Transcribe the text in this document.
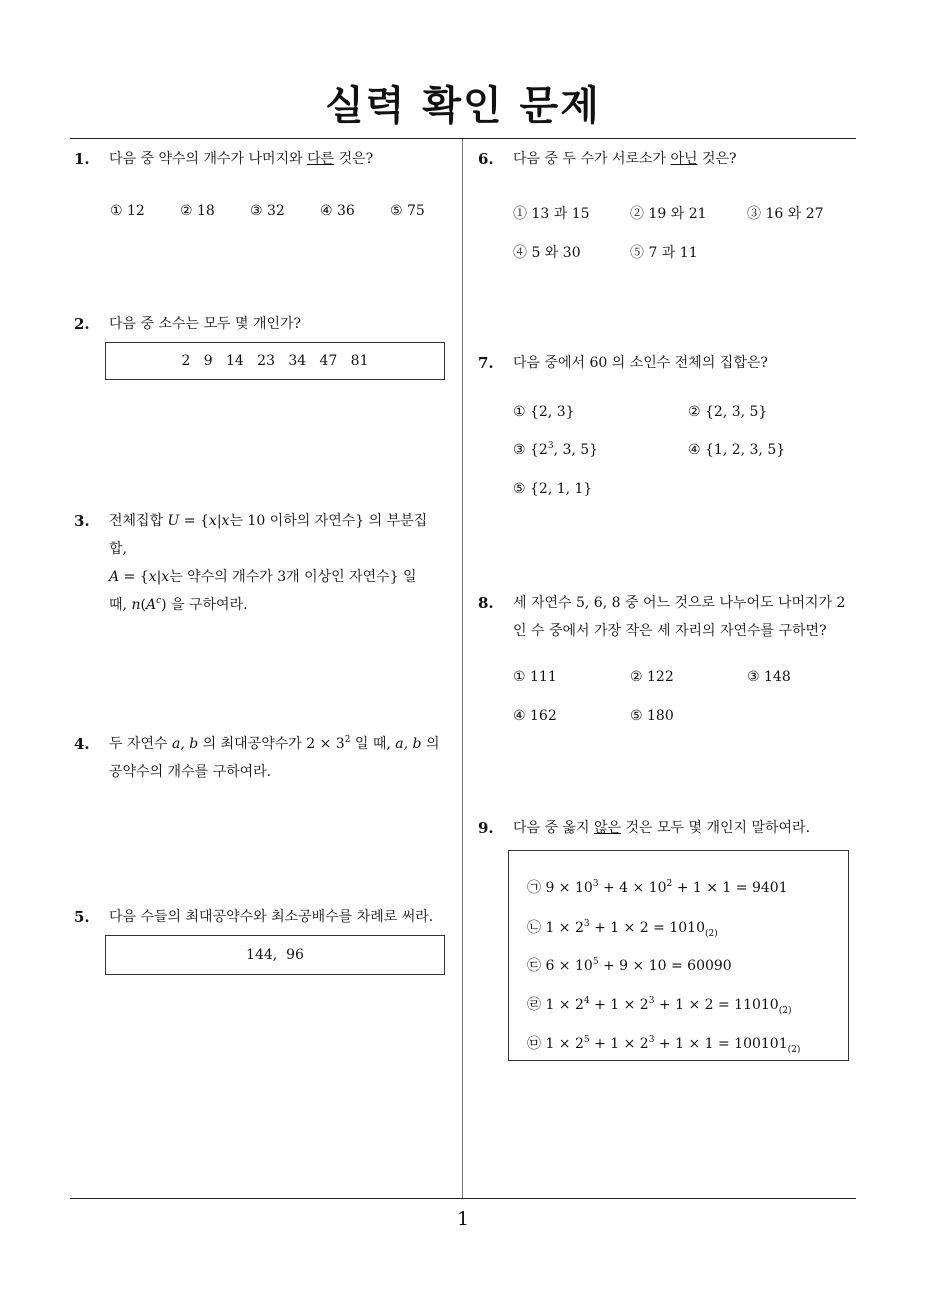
실력 확인 문제
1
1. 다음 중 약수의 개수가 나머지와 다른 것은?
① 12	② 18	③ 32	④ 36	⑤ 75
2. 다음 중 소수는 모두 몇 개인가?
2   9   14   23   34   47   81
3. 전체집합 U = {x|x는 10 이하의 자연수} 의 부분집
합,
A = {x|x는 약수의 개수가 3개 이상인 자연수} 일
때, $n(A^c)$ 을 구하여라.
4. 두 자연수 a, b 의 최대공약수가 $2 \times 3^2$ 일 때, a, b 의
공약수의 개수를 구하여라.
5. 다음 수들의 최대공약수와 최소공배수를 차례로 써라.
144,  96
6. 다음 중 두 수가 서로소가 아닌 것은?
① 13 과 15	② 19 와 21	③ 16 와 27
④ 5 와 30	⑤ 7 과 11
7. 다음 중에서 60 의 소인수 전체의 집합은?
① {2, 3}	② {2, 3, 5}
③ {$2^3$, 3, 5}	④ {1, 2, 3, 5}
⑤ {2, 1, 1}
8. 세 자연수 5, 6, 8 중 어느 것으로 나누어도 나머지가 2
인 수 중에서 가장 작은 세 자리의 자연수를 구하면?
① 111	② 122	③ 148
④ 162	⑤ 180
9. 다음 중 옳지 않은 것은 모두 몇 개인지 말하여라.
㉠ $9 \times 10^3 + 4 \times 10^2 + 1 \times 1 = 9401$
㉡ $1 \times 2^3 + 1 \times 2 = 1010_{(2)}$
㉢ $6 \times 10^5 + 9 \times 10 = 60090$
㉣ $1 \times 2^4 + 1 \times 2^3 + 1 \times 2 = 11010_{(2)}$
㉤ $1 \times 2^5 + 1 \times 2^3 + 1 \times 1 = 100101_{(2)}$
